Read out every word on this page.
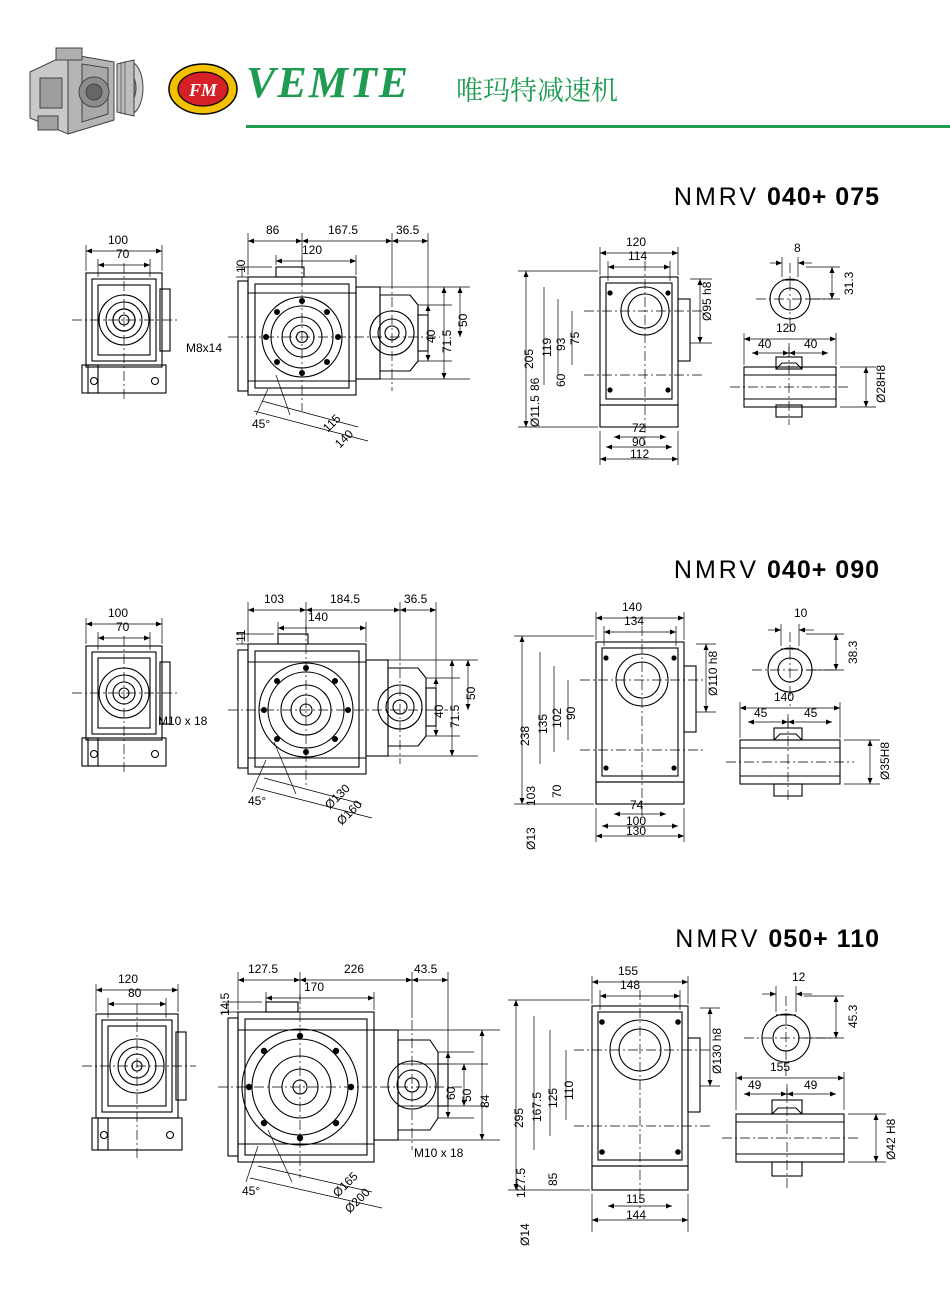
FM VEMTE 唯玛特减速机
NMRV 040+ 075
100
70
86	167.5	36.5
10
120
40 71.5
50
115
140
45°
M8x14
120
114
Ø95 h8
205
119 93 75
86 60
Ø11.5
72
90
112
8
31.3
120
40	40
Ø28H8
NMRV 040+ 090
100
70
103	184.5	36.5
11
140
40 71.5
50
Ø130
Ø160
45°
M10 x 18
140
134
Ø110 h8
238
135 102 90
103 70
Ø13
74
100
130
10
38.3
140
45	45
Ø35H8
NMRV 050+ 110
120
80
127.5	226	43.5
14.5
170
60 50 84
Ø165
Ø200
45°
M10 x 18
155
148
Ø130 h8
295 167.5 125 110
127.5 85
Ø14
115
144
12
45.3
155
49	49
Ø42 H8
